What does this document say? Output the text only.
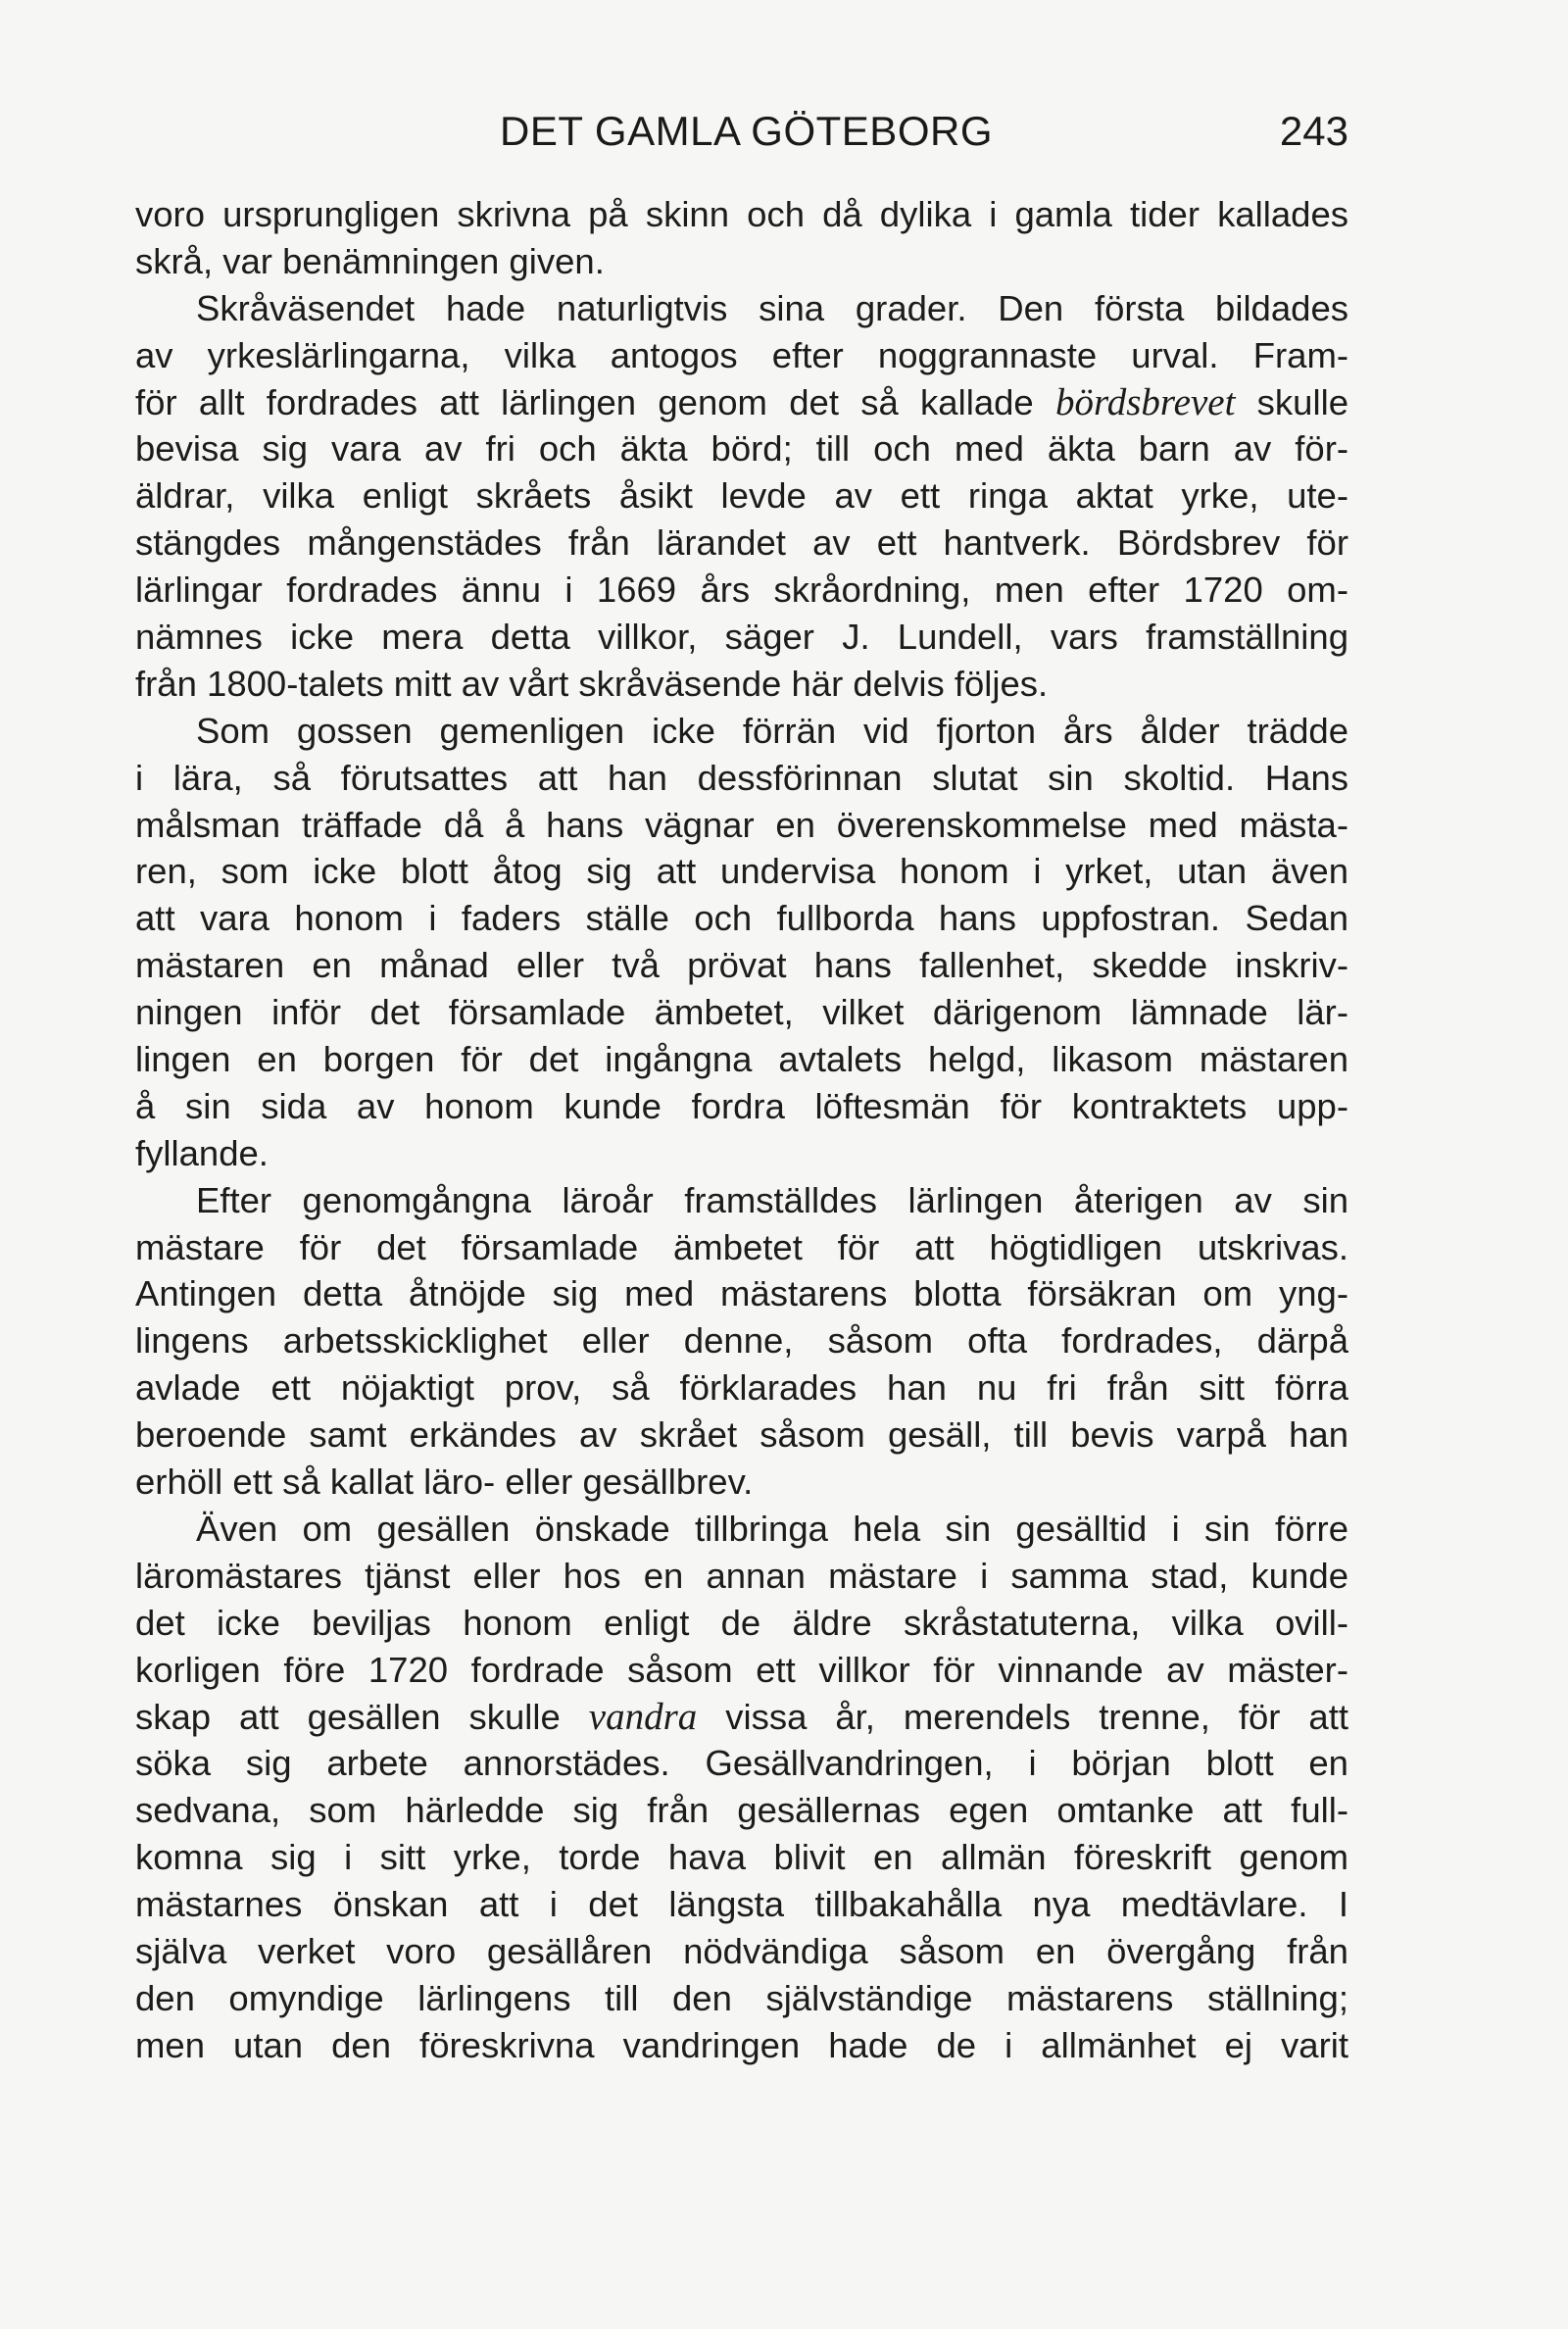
DET GAMLA GÖTEBORG	243
voro ursprungligen skrivna på skinn och då dylika i gamla tider kallades
skrå, var benämningen given.
Skråväsendet hade naturligtvis sina grader. Den första bildades
av yrkeslärlingarna, vilka antogos efter noggrannaste urval. Fram-
för allt fordrades att lärlingen genom det så kallade bördsbrevet skulle
bevisa sig vara av fri och äkta börd; till och med äkta barn av för-
äldrar, vilka enligt skråets åsikt levde av ett ringa aktat yrke, ute-
stängdes mångenstädes från lärandet av ett hantverk. Bördsbrev för
lärlingar fordrades ännu i 1669 års skråordning, men efter 1720 om-
nämnes icke mera detta villkor, säger J. Lundell, vars framställning
från 1800-talets mitt av vårt skråväsende här delvis följes.
Som gossen gemenligen icke förrän vid fjorton års ålder trädde
i lära, så förutsattes att han dessförinnan slutat sin skoltid. Hans
målsman träffade då å hans vägnar en överenskommelse med mästa-
ren, som icke blott åtog sig att undervisa honom i yrket, utan även
att vara honom i faders ställe och fullborda hans uppfostran. Sedan
mästaren en månad eller två prövat hans fallenhet, skedde inskriv-
ningen inför det församlade ämbetet, vilket därigenom lämnade lär-
lingen en borgen för det ingångna avtalets helgd, likasom mästaren
å sin sida av honom kunde fordra löftesmän för kontraktets upp-
fyllande.
Efter genomgångna läroår framställdes lärlingen återigen av sin
mästare för det församlade ämbetet för att högtidligen utskrivas.
Antingen detta åtnöjde sig med mästarens blotta försäkran om yng-
lingens arbetsskicklighet eller denne, såsom ofta fordrades, därpå
avlade ett nöjaktigt prov, så förklarades han nu fri från sitt förra
beroende samt erkändes av skrået såsom gesäll, till bevis varpå han
erhöll ett så kallat läro- eller gesällbrev.
Även om gesällen önskade tillbringa hela sin gesälltid i sin förre
läromästares tjänst eller hos en annan mästare i samma stad, kunde
det icke beviljas honom enligt de äldre skråstatuterna, vilka ovill-
korligen före 1720 fordrade såsom ett villkor för vinnande av mäster-
skap att gesällen skulle vandra vissa år, merendels trenne, för att
söka sig arbete annorstädes. Gesällvandringen, i början blott en
sedvana, som härledde sig från gesällernas egen omtanke att full-
komna sig i sitt yrke, torde hava blivit en allmän föreskrift genom
mästarnes önskan att i det längsta tillbakahålla nya medtävlare. I
själva verket voro gesällåren nödvändiga såsom en övergång från
den omyndige lärlingens till den självständige mästarens ställning;
men utan den föreskrivna vandringen hade de i allmänhet ej varit
